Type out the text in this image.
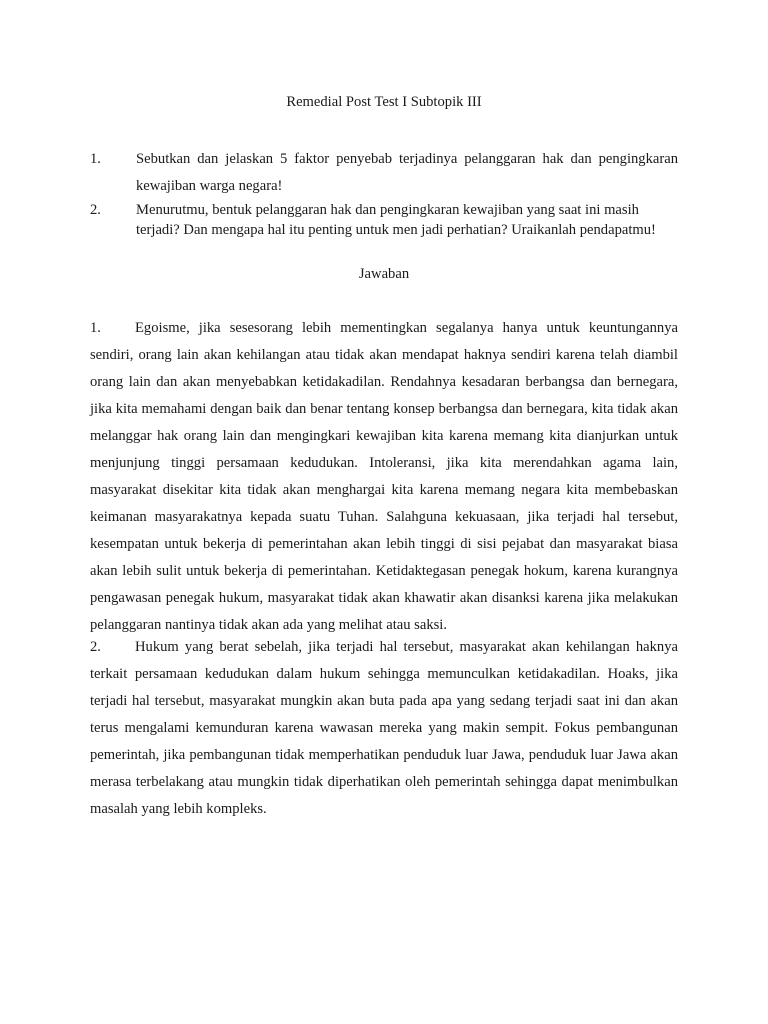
Remedial Post Test I Subtopik III
1. Sebutkan dan jelaskan 5 faktor penyebab terjadinya pelanggaran hak dan pengingkaran kewajiban warga negara!
2. Menurutmu, bentuk pelanggaran hak dan pengingkaran kewajiban yang saat ini masih terjadi? Dan mengapa hal itu penting untuk men jadi perhatian? Uraikanlah pendapatmu!
Jawaban
1. Egoisme, jika sesesorang lebih mementingkan segalanya hanya untuk keuntungannya sendiri, orang lain akan kehilangan atau tidak akan mendapat haknya sendiri karena telah diambil orang lain dan akan menyebabkan ketidakadilan. Rendahnya kesadaran berbangsa dan bernegara, jika kita memahami dengan baik dan benar tentang konsep berbangsa dan bernegara, kita tidak akan melanggar hak orang lain dan mengingkari kewajiban kita karena memang kita dianjurkan untuk menjunjung tinggi persamaan kedudukan. Intoleransi, jika kita merendahkan agama lain, masyarakat disekitar kita tidak akan menghargai kita karena memang negara kita membebaskan keimanan masyarakatnya kepada suatu Tuhan. Salahguna kekuasaan, jika terjadi hal tersebut, kesempatan untuk bekerja di pemerintahan akan lebih tinggi di sisi pejabat dan masyarakat biasa akan lebih sulit untuk bekerja di pemerintahan. Ketidaktegasan penegak hokum, karena kurangnya pengawasan penegak hukum, masyarakat tidak akan khawatir akan disanksi karena jika melakukan pelanggaran nantinya tidak akan ada yang melihat atau saksi.
2. Hukum yang berat sebelah, jika terjadi hal tersebut, masyarakat akan kehilangan haknya terkait persamaan kedudukan dalam hukum sehingga memunculkan ketidakadilan. Hoaks, jika terjadi hal tersebut, masyarakat mungkin akan buta pada apa yang sedang terjadi saat ini dan akan terus mengalami kemunduran karena wawasan mereka yang makin sempit. Fokus pembangunan pemerintah, jika pembangunan tidak memperhatikan penduduk luar Jawa, penduduk luar Jawa akan merasa terbelakang atau mungkin tidak diperhatikan oleh pemerintah sehingga dapat menimbulkan masalah yang lebih kompleks.
